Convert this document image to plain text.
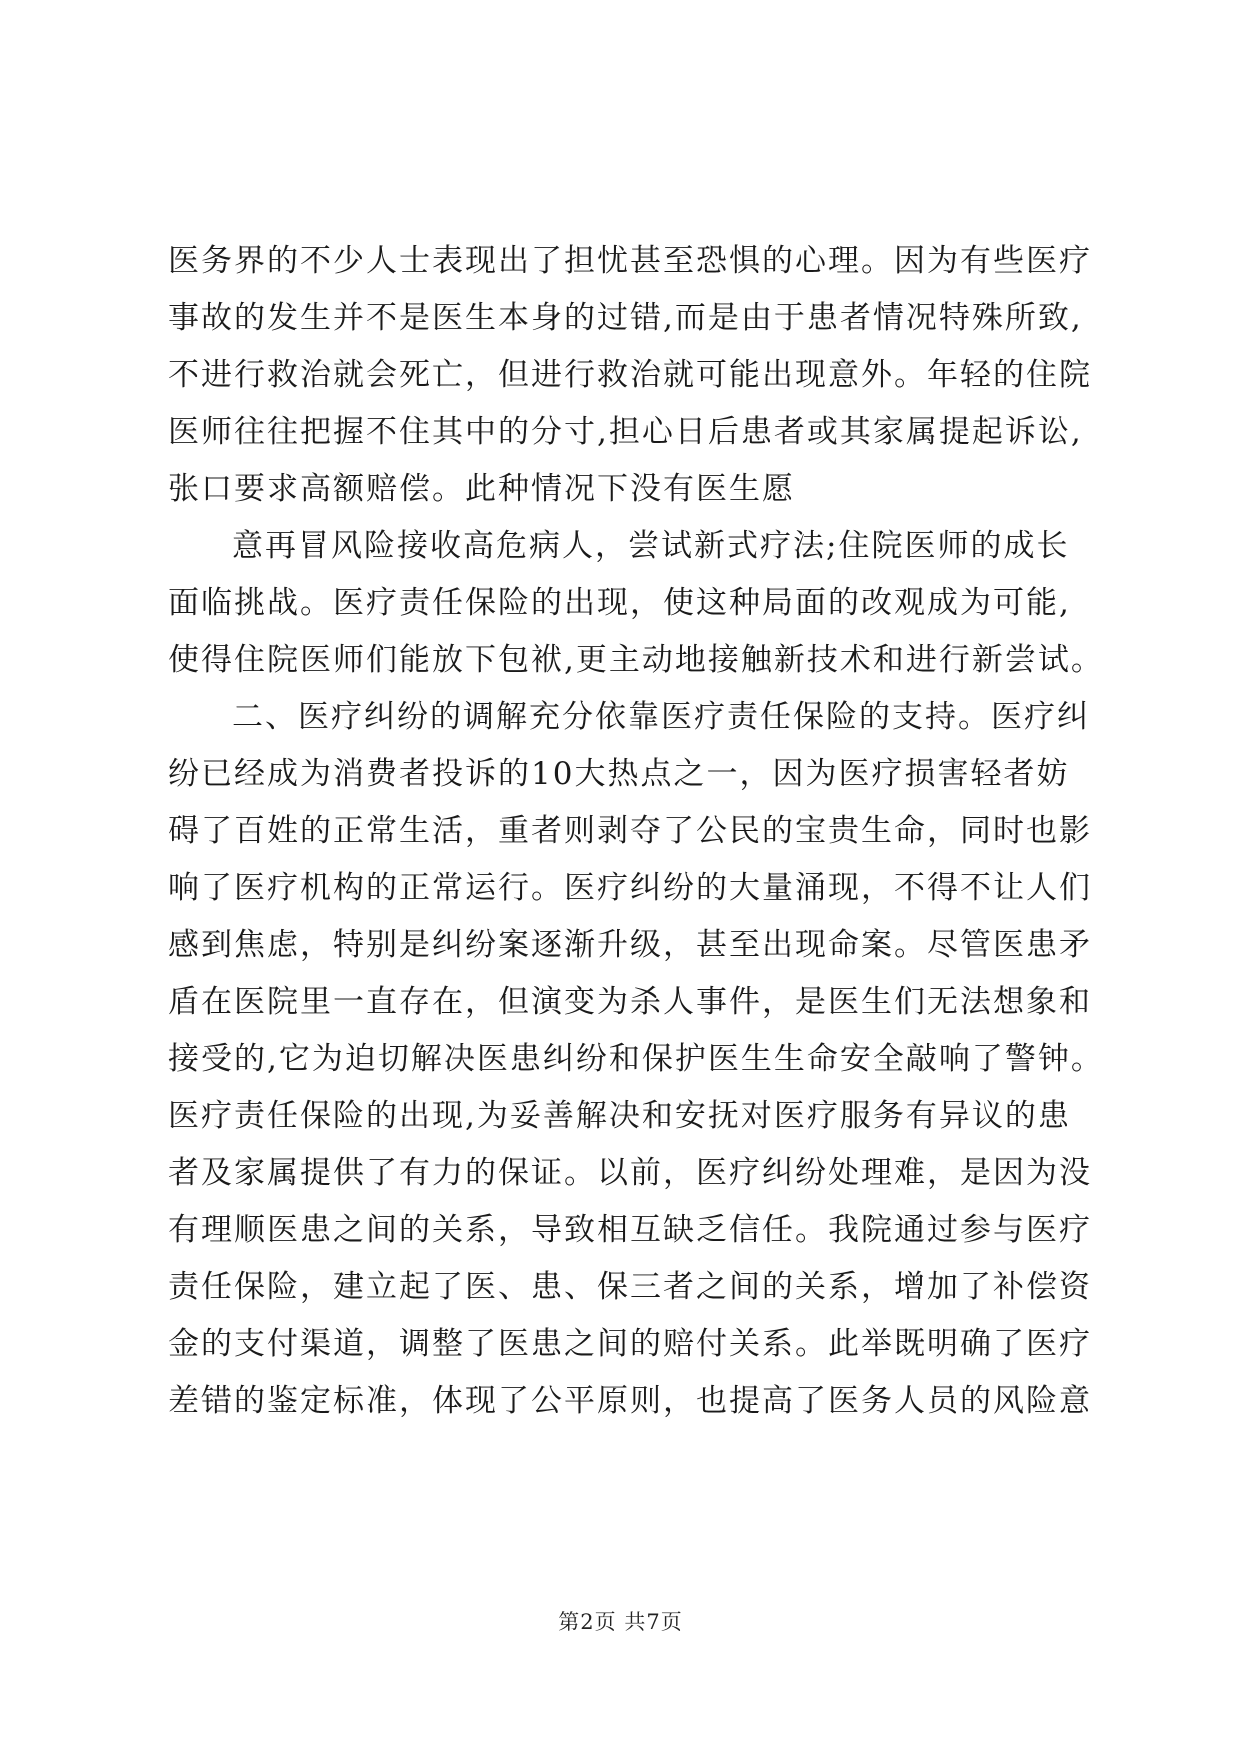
医务界的不少人士表现出了担忧甚至恐惧的心理。因为有些医疗
事故的发生并不是医生本身的过错,而是由于患者情况特殊所致,
不进行救治就会死亡，但进行救治就可能出现意外。年轻的住院
医师往往把握不住其中的分寸,担心日后患者或其家属提起诉讼,
张口要求高额赔偿。此种情况下没有医生愿
意再冒风险接收高危病人，尝试新式疗法;住院医师的成长
面临挑战。医疗责任保险的出现，使这种局面的改观成为可能,
使得住院医师们能放下包袱,更主动地接触新技术和进行新尝试。
二、医疗纠纷的调解充分依靠医疗责任保险的支持。医疗纠
纷已经成为消费者投诉的10大热点之一，因为医疗损害轻者妨
碍了百姓的正常生活，重者则剥夺了公民的宝贵生命，同时也影
响了医疗机构的正常运行。医疗纠纷的大量涌现，不得不让人们
感到焦虑，特别是纠纷案逐渐升级，甚至出现命案。尽管医患矛
盾在医院里一直存在，但演变为杀人事件，是医生们无法想象和
接受的,它为迫切解决医患纠纷和保护医生生命安全敲响了警钟。
医疗责任保险的出现,为妥善解决和安抚对医疗服务有异议的患
者及家属提供了有力的保证。以前，医疗纠纷处理难，是因为没
有理顺医患之间的关系，导致相互缺乏信任。我院通过参与医疗
责任保险，建立起了医、患、保三者之间的关系，增加了补偿资
金的支付渠道，调整了医患之间的赔付关系。此举既明确了医疗
差错的鉴定标准，体现了公平原则，也提高了医务人员的风险意
第2页 共7页
